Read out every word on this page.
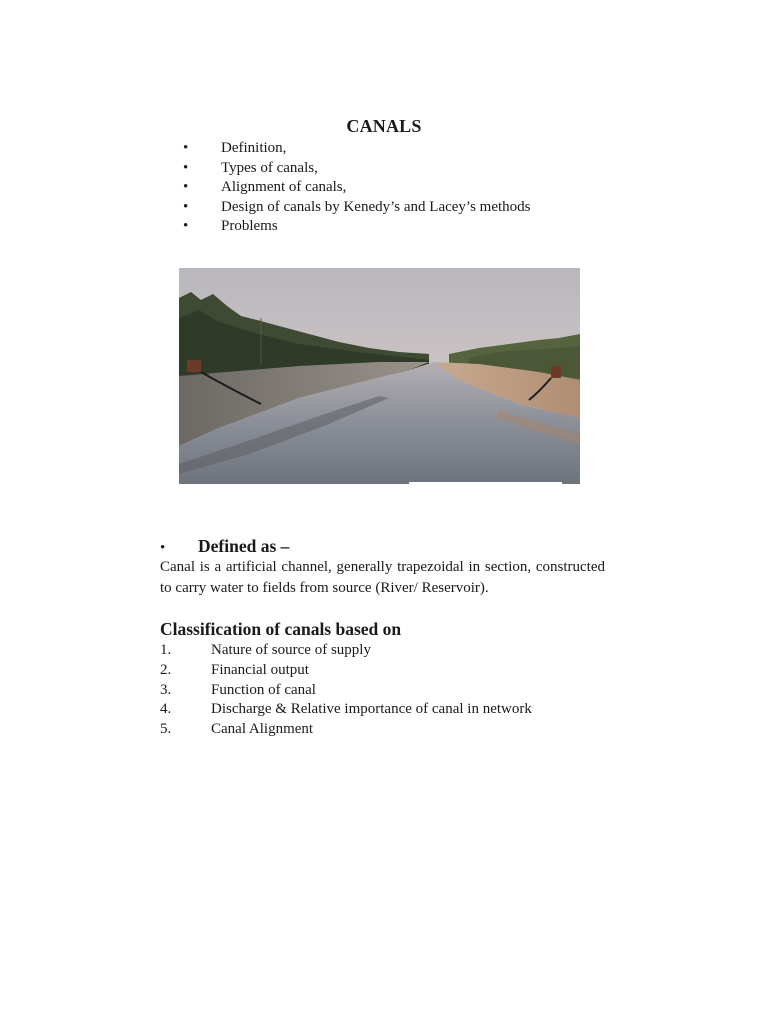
CANALS
•	Definition,
•	Types of canals,
•	Alignment of canals,
•	Design of canals by Kenedy’s and Lacey’s methods
•	Problems
•	Defined as –

Canal is a artificial channel, generally trapezoidal in section, constructed to carry water to fields from source (River/ Reservoir).

Classification of canals based on
1.	Nature of source of supply
2.	Financial output
3.	Function of canal
4.	Discharge & Relative importance of canal in network
5.	Canal Alignment
